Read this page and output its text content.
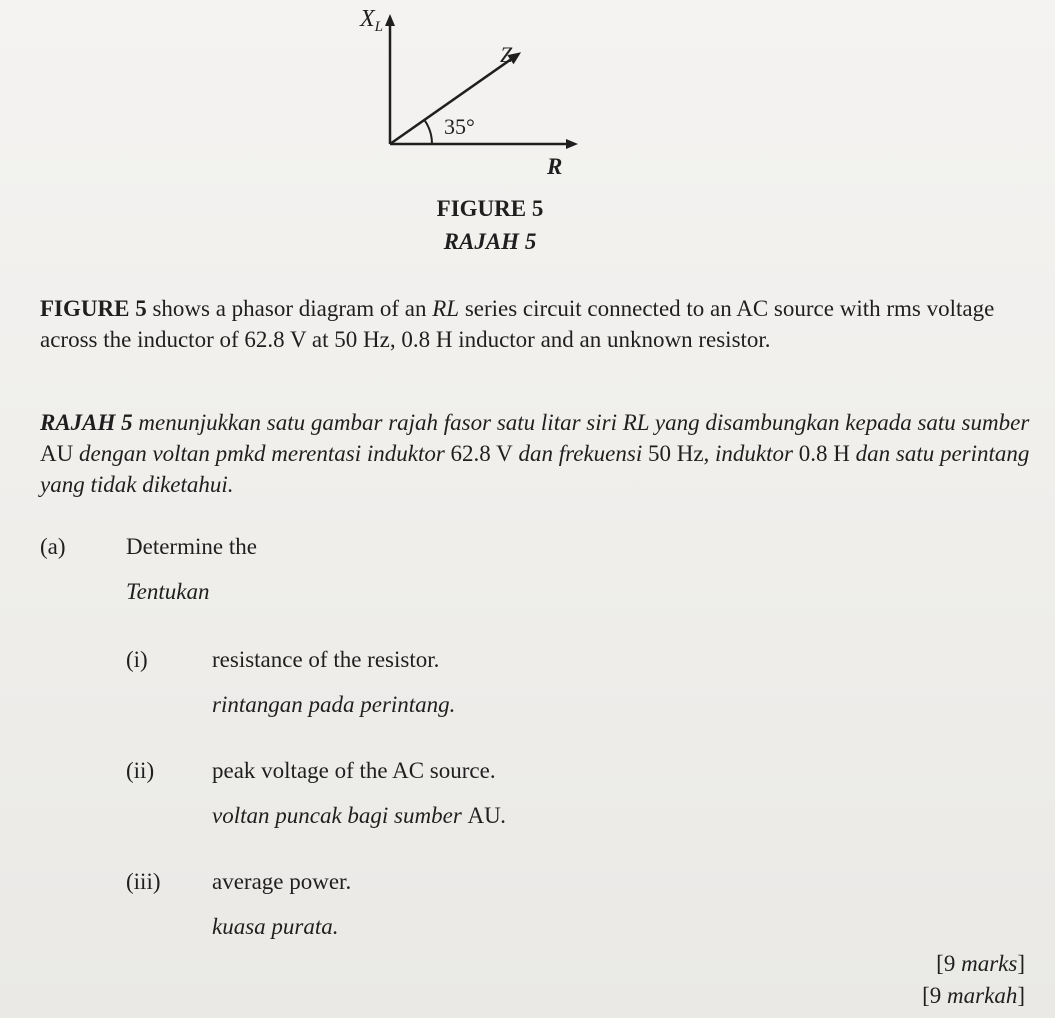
$X_L$
Z
35°
R
FIGURE 5
RAJAH 5
FIGURE 5 shows a phasor diagram of an RL series circuit connected to an AC source with rms voltage across the inductor of 62.8 V at 50 Hz, 0.8 H inductor and an unknown resistor.
RAJAH 5 menunjukkan satu gambar rajah fasor satu litar siri RL yang disambungkan kepada satu sumber AU dengan voltan pmkd merentasi induktor 62.8 V dan frekuensi 50 Hz, induktor 0.8 H dan satu perintang yang tidak diketahui.
(a)	Determine the
Tentukan
(i)	resistance of the resistor.
rintangan pada perintang.
(ii)	peak voltage of the AC source.
voltan puncak bagi sumber AU.
(iii) average power.
kuasa purata.
[9 marks]
[9 markah]
